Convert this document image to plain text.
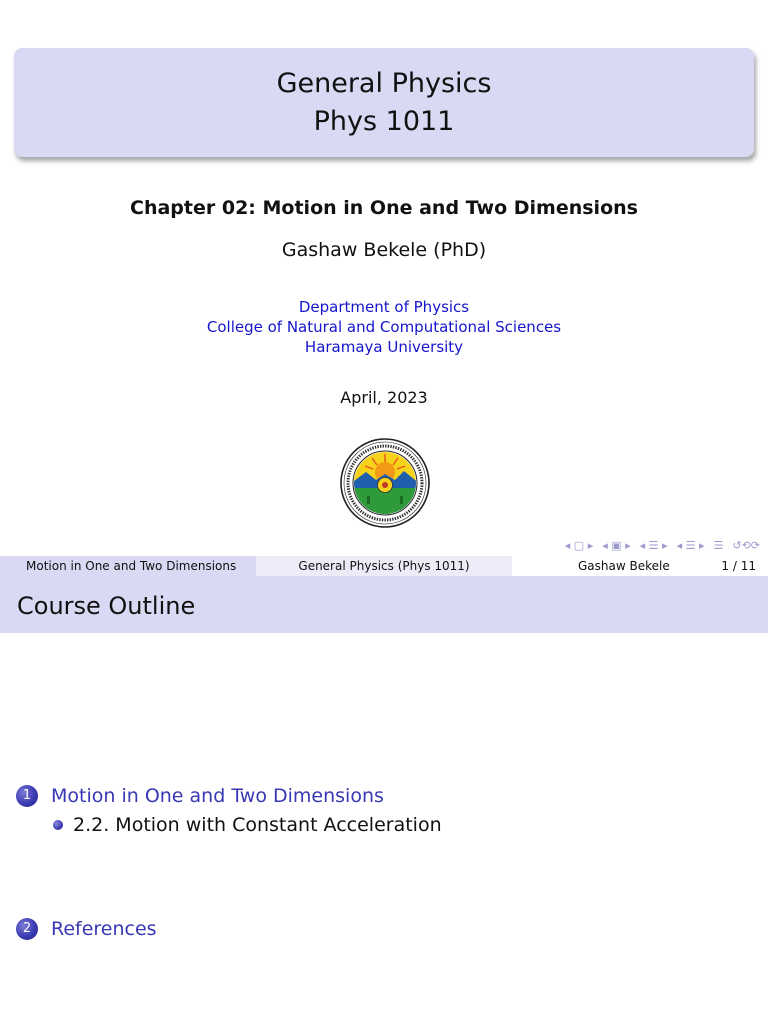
General Physics
Phys 1011
Chapter 02: Motion in One and Two Dimensions
Gashaw Bekele (PhD)
Department of Physics
College of Natural and Computational Sciences
Haramaya University
April, 2023
◂ ▢ ▸ ◂ ▣ ▸ ◂ ☰ ▸ ◂ ☰ ▸ ☰ ↺⟲⟳
Motion in One and Two Dimensions	General Physics (Phys 1011)	Gashaw Bekele	1 / 11
Course Outline
1	Motion in One and Two Dimensions
2.2. Motion with Constant Acceleration
2	References
